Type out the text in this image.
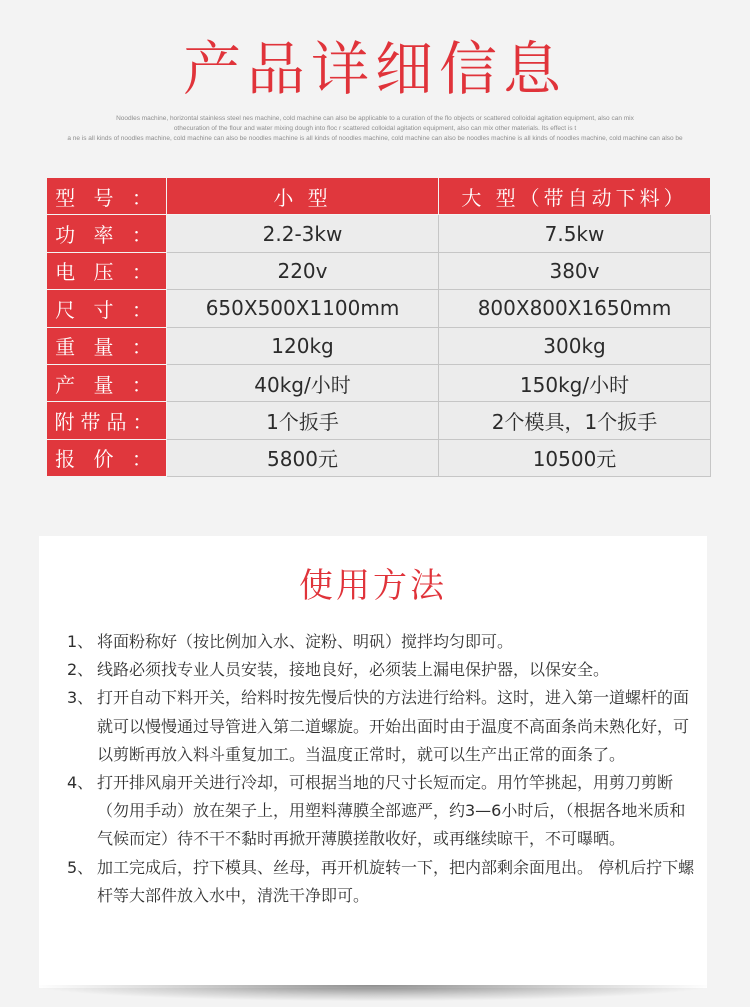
产品详细信息
Noodles machine, horizontal stainless steel nes machine, cold machine can also be applicable to a curation of the flo objects or scattered colloidal agitation equipment, also can mix
othecuration of the flour and water mixing dough into floc r scattered colloidal agitation equipment, also can mix other materials. Its effect is t
a ne is all kinds of noodles machine, cold machine can also be noodles machine is all kinds of noodles machine, cold machine can also be noodles machine is all kinds of noodles machine, cold machine can also be
型 号 ：	小 型	大 型（带自动下料）
功 率 ：	2.2-3kw	7.5kw
电 压 ：	220v	380v
尺 寸 ：	650X500X1100mm	800X800X1650mm
重 量 ：	120kg	300kg
产 量 ：	40kg/小时	150kg/小时
附带品：	1个扳手	2个模具，1个扳手
报 价 ：	5800元	10500元
使用方法
1、 将面粉称好（按比例加入水、淀粉、明矾）搅拌均匀即可。
2、 线路必须找专业人员安装，接地良好，必须装上漏电保护器，以保安全。
3、 打开自动下料开关，给料时按先慢后快的方法进行给料。这时，进入第一道螺杆的面就可以慢慢通过导管进入第二道螺旋。开始出面时由于温度不高面条尚未熟化好，可以剪断再放入料斗重复加工。当温度正常时，就可以生产出正常的面条了。
4、 打开排风扇开关进行冷却，可根据当地的尺寸长短而定。用竹竿挑起，用剪刀剪断（勿用手动）放在架子上，用塑料薄膜全部遮严，约3—6小时后，（根据各地米质和气候而定）待不干不黏时再掀开薄膜搓散收好，或再继续晾干，不可曝晒。
5、 加工完成后，拧下模具、丝母，再开机旋转一下，把内部剩余面甩出。 停机后拧下螺杆等大部件放入水中，清洗干净即可。
